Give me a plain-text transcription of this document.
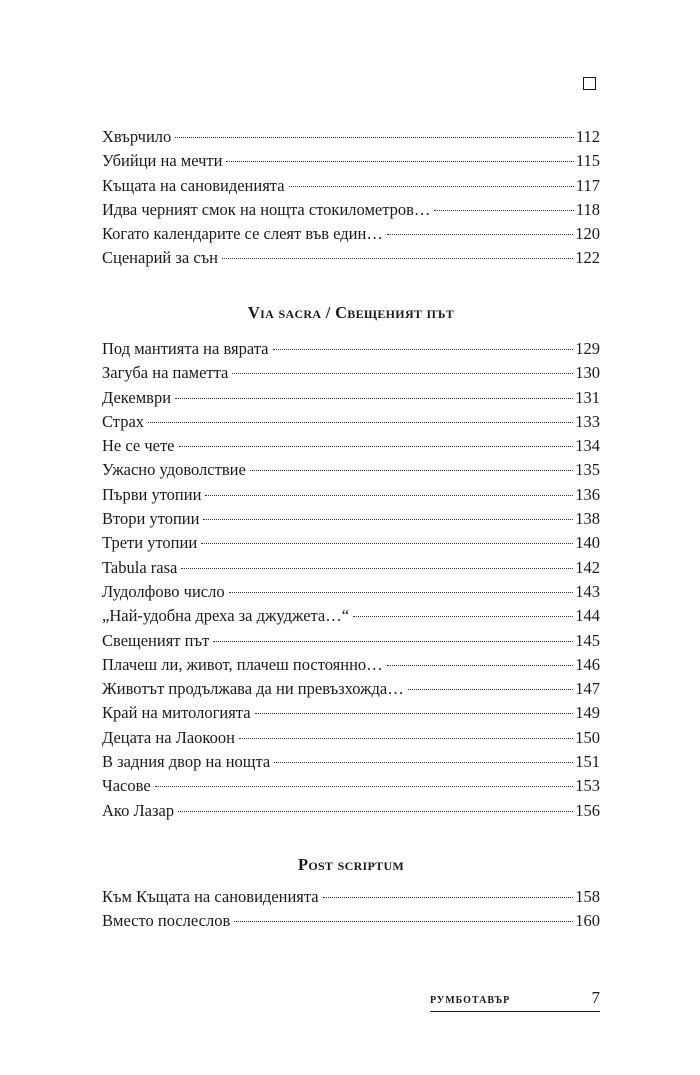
Хвърчило	112
Убийци на мечти	115
Къщата на сановиденията	117
Идва черният смок на нощта стокилометров…	118
Когато календарите се слеят във един…	120
Сценарий за сън	122
Via sacra / Свещеният път
Под мантията на вярата	129
Загуба на паметта	130
Декември	131
Страх	133
Не се чете	134
Ужасно удоволствие	135
Първи утопии	136
Втори утопии	138
Трети утопии	140
Tabula rasa	142
Лудолфово число	143
„Най-удобна дреха за джуджета…“	144
Свещеният път	145
Плачеш ли, живот, плачеш постоянно…	146
Животът продължава да ни превъзхожда…	147
Край на митологията	149
Децата на Лаокоон	150
В задния двор на нощта	151
Часове	153
Ако Лазар	156
Post scriptum
Към Къщата на сановиденията	158
Вместо послеслов	160
румботавър	7
